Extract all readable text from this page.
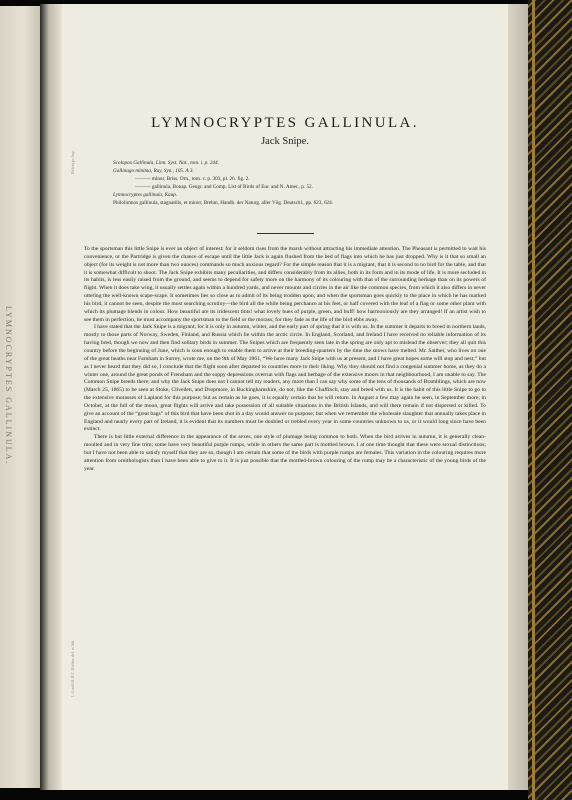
LYMNOCRYPTES GALLINULA.
Heliotype Imp.
J. Gould & H.C. Richter del. et lith.
LYMNOCRYPTES GALLINULA.
Jack Snipe.
Scolopax Gallinula, Linn. Syst. Nat., tom. i. p. 244.
Gallinago minima, Ray, Syn., 105. A 3.
——— minor, Briss. Orn., tom. v. p. 303, pl. 26. fig. 2.
——— gallinula, Bonap. Geogr. and Comp. List of Birds of Eur. and N. Amer., p. 52.
Lymnocryptes gallinula, Kaup.
Philolimnos gallinula, stagnatilis, et minor, Brehm, Handb. der Naturg. aller Vög. Deutschl., pp. 623, 624.

To the sportsman this little Snipe is ever an object of interest; for it seldom rises from the marsh without attracting his immediate attention. The Pheasant is permitted to wait his convenience, or the Partridge is given the chance of escape until the little Jack is again flushed from the bed of flags into which he has just dropped. Why is it that so small an object (for its weight is not more than two ounces) commands so much anxious regard? For the simple reason that it is a migrant, that it is second to no bird for the table, and that it is somewhat difficult to shoot. The Jack Snipe exhibits many peculiarities, and differs considerably from its allies, both in its form and in its mode of life. It is more secluded in its habits, is less easily raised from the ground, and seems to depend for safety more on the harmony of its colouring with that of the surrounding herbage than on its powers of flight. When it does take wing, it usually settles again within a hundred yards, and never mounts and circles in the air like the common species, from which it also differs in never uttering the well-known scape-scape. It sometimes lies so close as to admit of its being trodden upon; and when the sportsman goes quickly to the place in which he has marked his bird, it cannot be seen, despite the most searching scrutiny—the bird all the while being perchance at his feet, or half covered with the leaf of a flag or some other plant with which its plumage blends in colour. How beautiful are its iridescent tints! what lovely hues of purple, green, and buff! how harmoniously are they arranged! If an artist wish to see them in perfection, he must accompany the sportsman to the field or the morass; for they fade as the life of the bird ebbs away.

I have stated that the Jack Snipe is a migrant; for it is only in autumn, winter, and the early part of spring that it is with us. In the summer it departs to breed in northern lands, mostly to those parts of Norway, Sweden, Finland, and Russia which lie within the arctic circle. In England, Scotland, and Ireland I have received no reliable information of its having bred, though we now and then find solitary birds in summer. The Snipes which are frequently seen late in the spring are only apt to mislead the observer; they all quit this country before the beginning of June, which is soon enough to enable them to arrive at their breeding-quarters by the time the snows have melted. Mr. Saither, who lives on one of the great heaths near Farnham in Surrey, wrote me, on the 9th of May 1861, “We have many Jack Snipe with us at present, and I have great hopes some will stop and nest;” but as I never heard that they did so, I conclude that the flight soon after departed to countries more to their liking. Why they should not find a congenial summer home, as they do a winter one, around the great ponds of Frensham and the soppy depressions overrun with flags and herbage of the extensive moors in that neighbourhood, I am unable to say. The Common Snipe breeds there; and why the Jack Snipe does not I cannot tell my readers, any more than I can say why some of the tens of thousands of Bramblings, which are now (March 25, 1865) to be seen at Stoke, Cliveden, and Dropmore, in Buckinghamshire, do not, like the Chaffinch, stay and breed with us. It is the habit of this little Snipe to go to the extensive morasses of Lapland for this purpose; but as certain as he goes, it is equally certain that he will return. In August a few may again be seen, in September more; in October, at the full of the moon, great flights will arrive and take possession of all suitable situations in the British Islands, and will there remain if not dispersed or killed. To give an account of the “great bags” of this bird that have been shot in a day would answer no purpose; but when we remember the wholesale slaughter that annually takes place in England and nearly every part of Ireland, it is evident that its numbers must be doubled or trebled every year in some countries unknown to us, or it would long since have been extinct.

There is but little external difference in the appearance of the sexes, one style of plumage being common to both. When the bird arrives in autumn, it is generally clean-moulted and in very fine trim; some have very beautiful purple rumps, while in others the same part is mottled brown. I at one time thought that these were sexual distinctions; but I have not been able to satisfy myself that they are so, though I am certain that some of the birds with purple rumps are females. This variation in the colouring requires more attention from ornithologists than I have been able to give to it. It is just possible that the mottled-brown colouring of the rump may be a characteristic of the young birds of the year.
